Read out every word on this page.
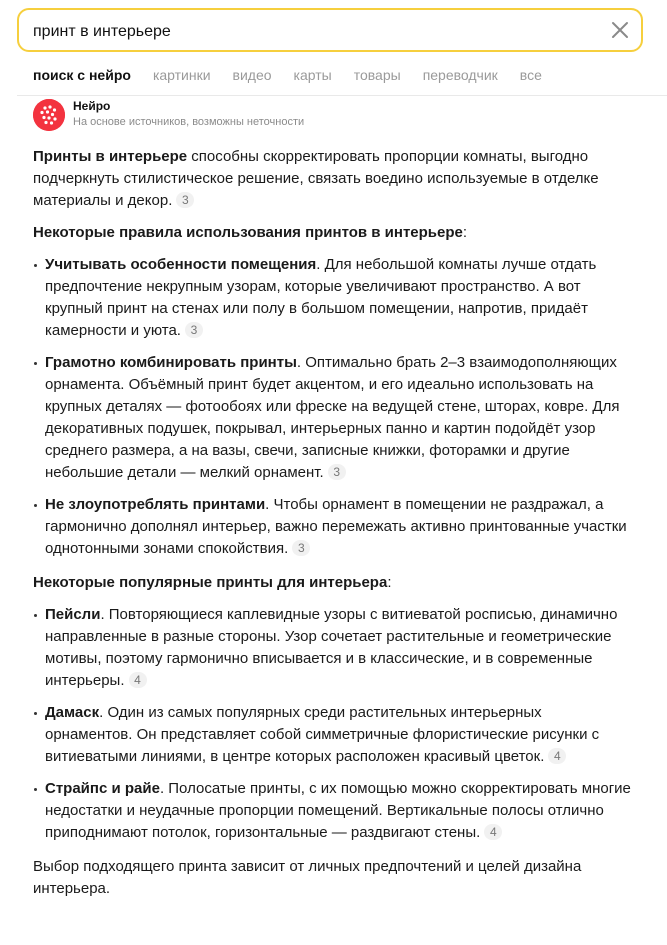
принт в интерьере
поиск с нейро картинки видео карты товары переводчик все
Нейро
На основе источников, возможны неточности

Принты в интерьере способны скорректировать пропорции комнаты, выгодно подчеркнуть стилистическое решение, связать воедино используемые в отделке материалы и декор. 3

Некоторые правила использования принтов в интерьере:

Учитывать особенности помещения. Для небольшой комнаты лучше отдать предпочтение некрупным узорам, которые увеличивают пространство. А вот крупный принт на стенах или полу в большом помещении, напротив, придаёт камерности и уюта. 3
Грамотно комбинировать принты. Оптимально брать 2–3 взаимодополняющих орнамента. Объёмный принт будет акцентом, и его идеально использовать на крупных деталях — фотообоях или фреске на ведущей стене, шторах, ковре. Для декоративных подушек, покрывал, интерьерных панно и картин подойдёт узор среднего размера, а на вазы, свечи, записные книжки, фоторамки и другие небольшие детали — мелкий орнамент. 3
Не злоупотреблять принтами. Чтобы орнамент в помещении не раздражал, а гармонично дополнял интерьер, важно перемежать активно принтованные участки однотонными зонами спокойствия. 3

Некоторые популярные принты для интерьера:

Пейсли. Повторяющиеся каплевидные узоры с витиеватой росписью, динамично направленные в разные стороны. Узор сочетает растительные и геометрические мотивы, поэтому гармонично вписывается и в классические, и в современные интерьеры. 4
Дамаск. Один из самых популярных среди растительных интерьерных орнаментов. Он представляет собой симметричные флористические рисунки с витиеватыми линиями, в центре которых расположен красивый цветок. 4
Страйпс и райе. Полосатые принты, с их помощью можно скорректировать многие недостатки и неудачные пропорции помещений. Вертикальные полосы отлично приподнимают потолок, горизонтальные — раздвигают стены. 4

Выбор подходящего принта зависит от личных предпочтений и целей дизайна интерьера.
